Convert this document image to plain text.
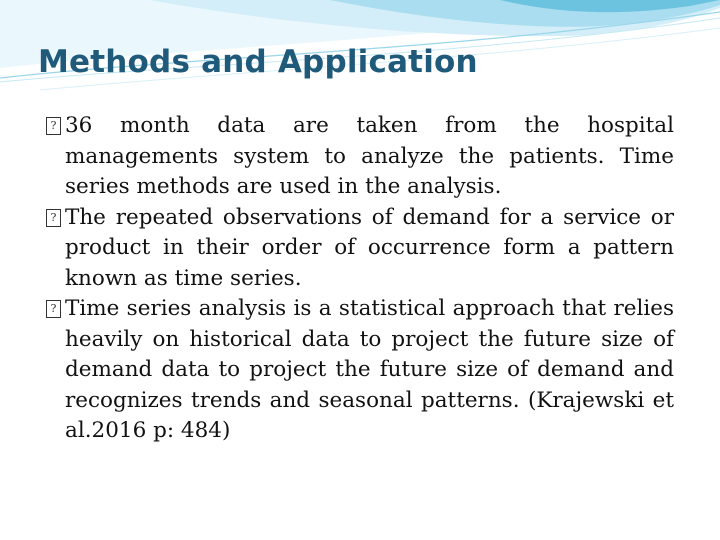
Methods and Application
? 36 month data are taken from the hospital managements system to analyze the patients. Time series methods are used in the analysis.
? The repeated observations of demand for a service or product in their order of occurrence form a pattern known as time series.
? Time series analysis is a statistical approach that relies heavily on historical data to project the future size of demand data to project the future size of demand and recognizes trends and seasonal patterns. (Krajewski et al.2016 p: 484)
